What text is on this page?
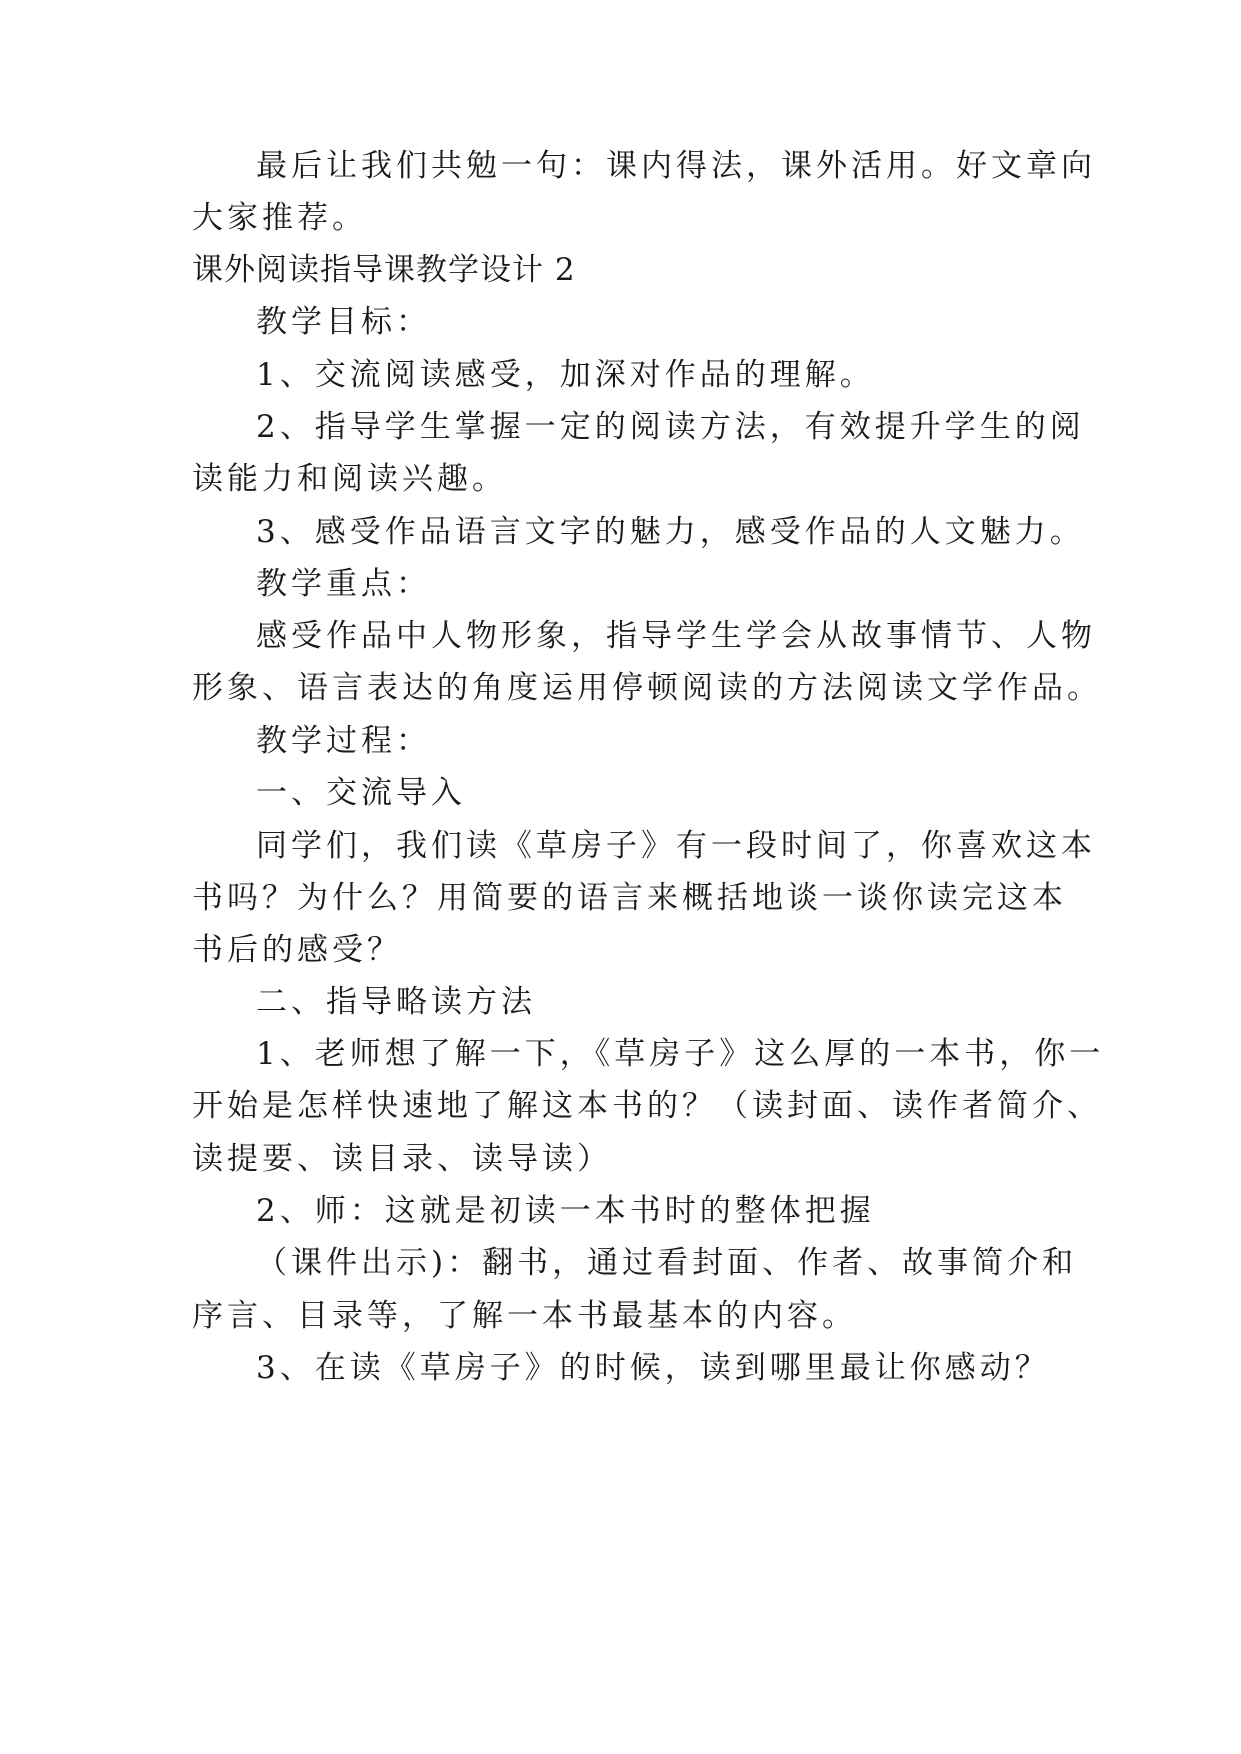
最后让我们共勉一句：课内得法，课外活用。好文章向

大家推荐。

课外阅读指导课教学设计 2

教学目标：

1、交流阅读感受，加深对作品的理解。

2、指导学生掌握一定的阅读方法，有效提升学生的阅

读能力和阅读兴趣。

3、感受作品语言文字的魅力，感受作品的人文魅力。

教学重点：

感受作品中人物形象，指导学生学会从故事情节、人物

形象、语言表达的角度运用停顿阅读的方法阅读文学作品。

教学过程：

一、交流导入

同学们，我们读《草房子》有一段时间了，你喜欢这本

书吗？为什么？用简要的语言来概括地谈一谈你读完这本

书后的感受？

二、指导略读方法

1、老师想了解一下，《草房子》这么厚的一本书，你一

开始是怎样快速地了解这本书的？（读封面、读作者简介、

读提要、读目录、读导读）

2、师：这就是初读一本书时的整体把握

（课件出示)：翻书，通过看封面、作者、故事简介和

序言、目录等，了解一本书最基本的内容。

3、在读《草房子》的时候，读到哪里最让你感动？
